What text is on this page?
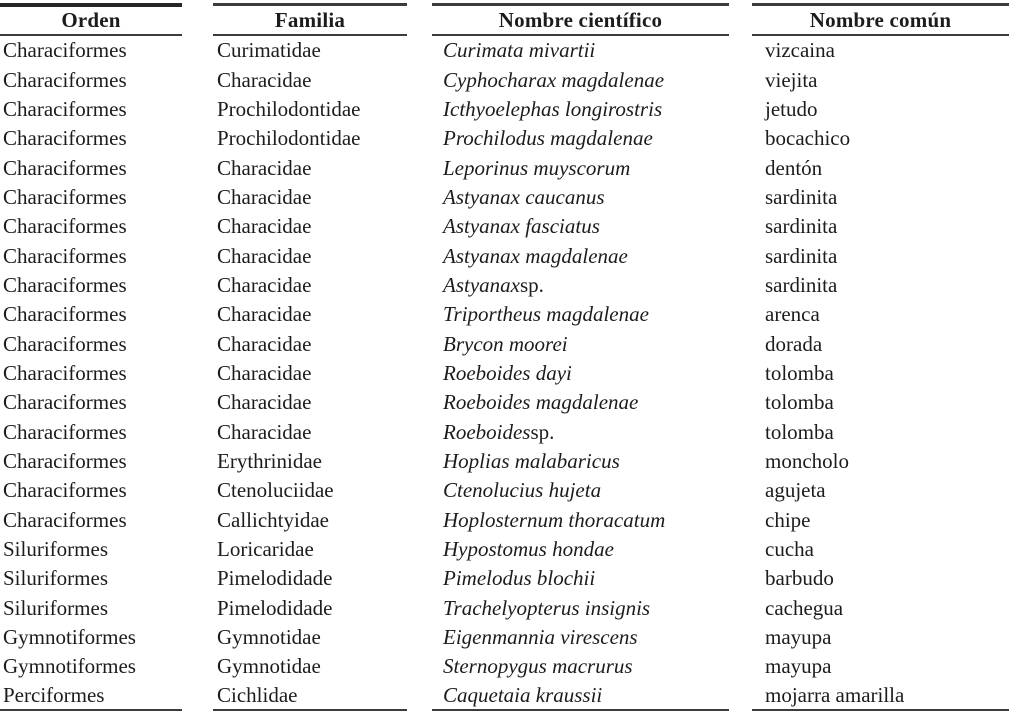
Orden	Familia	Nombre científico	Nombre común
Characiformes	Curimatidae	Curimata mivartii	vizcaina
Characiformes	Characidae	Cyphocharax magdalenae	viejita
Characiformes	Prochilodontidae	Icthyoelephas longirostris	jetudo
Characiformes	Prochilodontidae	Prochilodus magdalenae	bocachico
Characiformes	Characidae	Leporinus muyscorum	dentón
Characiformes	Characidae	Astyanax caucanus	sardinita
Characiformes	Characidae	Astyanax fasciatus	sardinita
Characiformes	Characidae	Astyanax magdalenae	sardinita
Characiformes	Characidae	Astyanax sp.	sardinita
Characiformes	Characidae	Triportheus magdalenae	arenca
Characiformes	Characidae	Brycon moorei	dorada
Characiformes	Characidae	Roeboides dayi	tolomba
Characiformes	Characidae	Roeboides magdalenae	tolomba
Characiformes	Characidae	Roeboides sp.	tolomba
Characiformes	Erythrinidae	Hoplias malabaricus	moncholo
Characiformes	Ctenoluciidae	Ctenolucius hujeta	agujeta
Characiformes	Callichtyidae	Hoplosternum thoracatum	chipe
Siluriformes	Loricaridae	Hypostomus hondae	cucha
Siluriformes	Pimelodidade	Pimelodus blochii	barbudo
Siluriformes	Pimelodidade	Trachelyopterus insignis	cachegua
Gymnotiformes	Gymnotidae	Eigenmannia virescens	mayupa
Gymnotiformes	Gymnotidae	Sternopygus macrurus	mayupa
Perciformes	Cichlidae	Caquetaia kraussii	mojarra amarilla
